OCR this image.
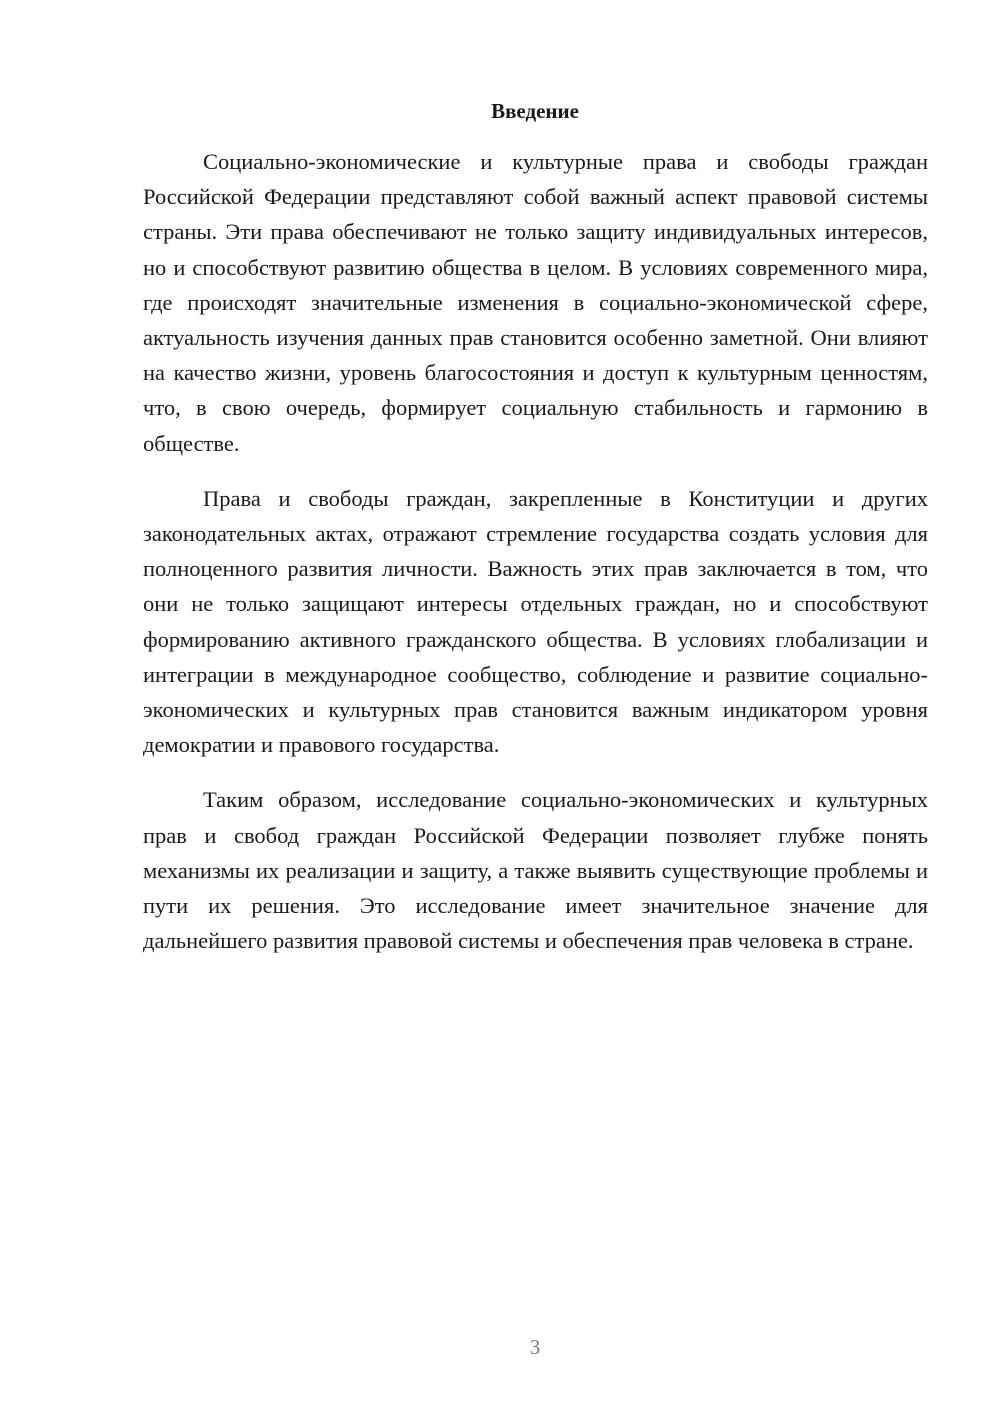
Введение

Социально-экономические и культурные права и свободы граждан Российской Федерации представляют собой важный аспект правовой системы страны. Эти права обеспечивают не только защиту индивидуальных интересов, но и способствуют развитию общества в целом. В условиях современного мира, где происходят значительные изменения в социально-экономической сфере, актуальность изучения данных прав становится особенно заметной. Они влияют на качество жизни, уровень благосостояния и доступ к культурным ценностям, что, в свою очередь, формирует социальную стабильность и гармонию в обществе.

Права и свободы граждан, закрепленные в Конституции и других законодательных актах, отражают стремление государства создать условия для полноценного развития личности. Важность этих прав заключается в том, что они не только защищают интересы отдельных граждан, но и способствуют формированию активного гражданского общества. В условиях глобализации и интеграции в международное сообщество, соблюдение и развитие социально-экономических и культурных прав становится важным индикатором уровня демократии и правового государства.

Таким образом, исследование социально-экономических и культурных прав и свобод граждан Российской Федерации позволяет глубже понять механизмы их реализации и защиту, а также выявить существующие проблемы и пути их решения. Это исследование имеет значительное значение для дальнейшего развития правовой системы и обеспечения прав человека в стране.

3
